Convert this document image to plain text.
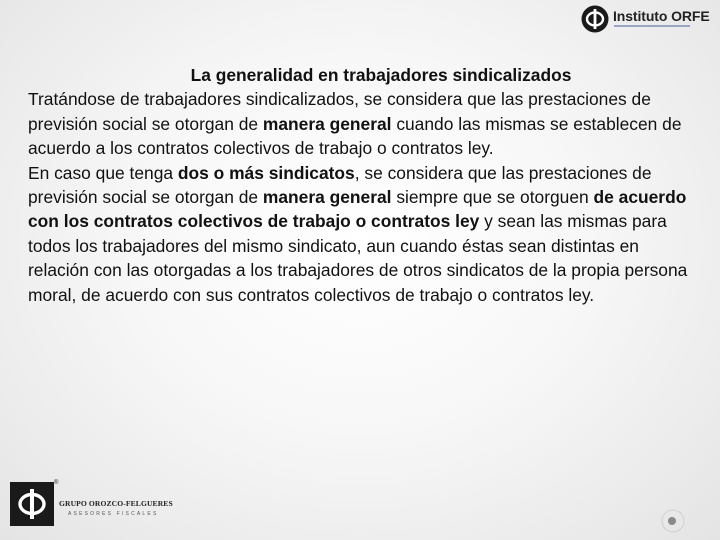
Instituto ORFE

La generalidad en trabajadores sindicalizados

Tratándose de trabajadores sindicalizados, se considera que las prestaciones de previsión social se otorgan de manera general cuando las mismas se establecen de acuerdo a los contratos colectivos de trabajo o contratos ley.

En caso que tenga dos o más sindicatos, se considera que las prestaciones de previsión social se otorgan de manera general siempre que se otorguen de acuerdo con los contratos colectivos de trabajo o contratos ley y sean las mismas para todos los trabajadores del mismo sindicato, aun cuando éstas sean distintas en relación con las otorgadas a los trabajadores de otros sindicatos de la propia persona moral, de acuerdo con sus contratos colectivos de trabajo o contratos ley.

®
GRUPO OROZCO-FELGUERES
ASESORES FISCALES
